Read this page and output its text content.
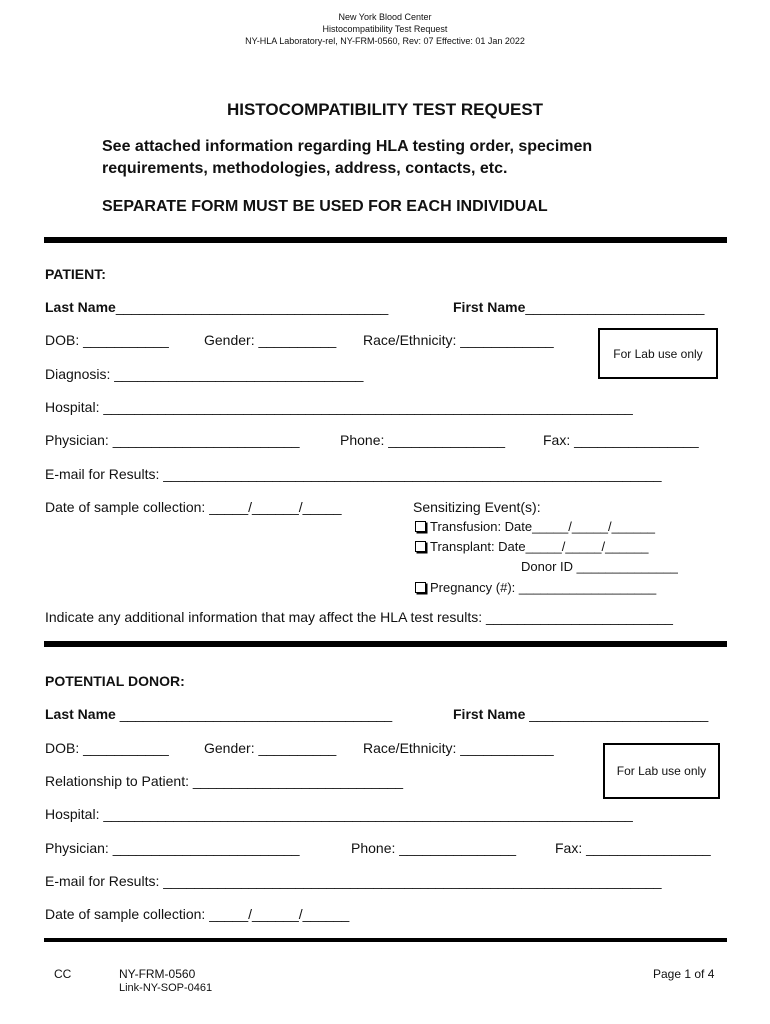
New York Blood Center
Histocompatibility Test Request
NY-HLA Laboratory-rel, NY-FRM-0560, Rev: 07 Effective: 01 Jan 2022
HISTOCOMPATIBILITY TEST REQUEST
See attached information regarding HLA testing order, specimen
requirements, methodologies, address, contacts, etc.
SEPARATE FORM MUST BE USED FOR EACH INDIVIDUAL
PATIENT:
Last Name___________________________________	First Name_______________________
DOB: ___________	Gender: __________ Race/Ethnicity: ____________
For Lab use only
Diagnosis: ________________________________
Hospital: ____________________________________________________________________
Physician: ________________________	Phone: _______________	Fax: ________________
E-mail for Results: ________________________________________________________________
Date of sample collection: _____/______/_____	Sensitizing Event(s):
Transfusion: Date_____/_____/______
Transplant: Date_____/_____/______
Donor ID ______________
Pregnancy (#): ___________________
Indicate any additional information that may affect the HLA test results: ________________________
POTENTIAL DONOR:
Last Name ___________________________________	First Name _______________________
DOB: ___________	Gender: __________ Race/Ethnicity: ____________
For Lab use only
Relationship to Patient: ___________________________
Hospital: ____________________________________________________________________
Physician: ________________________	Phone: _______________	Fax: ________________
E-mail for Results: ________________________________________________________________
Date of sample collection: _____/______/______
CC	NY-FRM-0560
Link-NY-SOP-0461
Page 1 of 4
